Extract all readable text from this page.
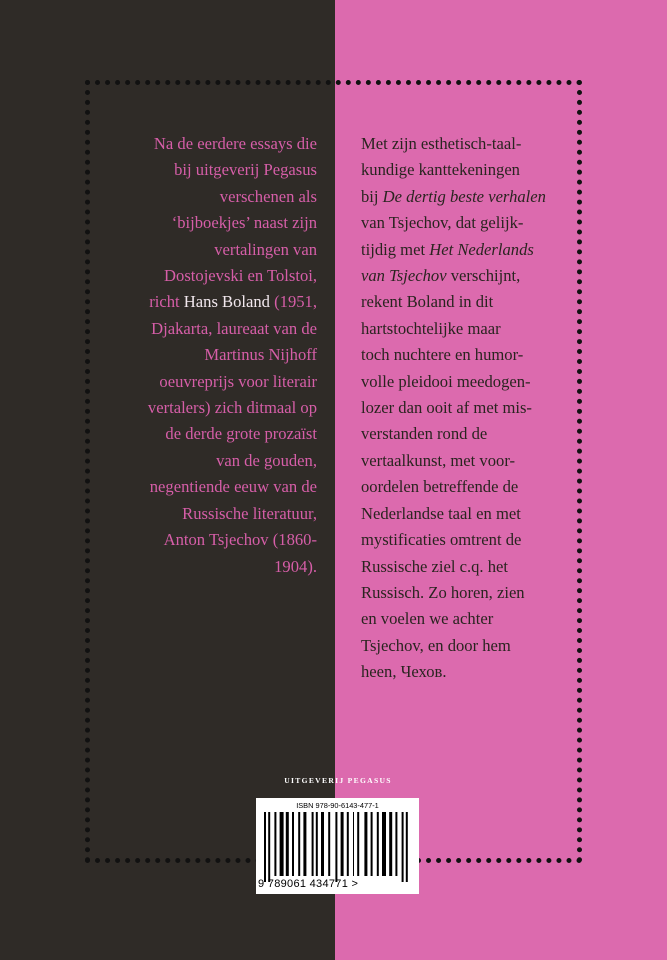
Na de eerdere essays die

bij uitgeverij Pegasus

verschenen als

‘bijboekjes’ naast zijn

vertalingen van

Dostojevski en Tolstoi,

richt Hans Boland (1951,

Djakarta, laureaat van de

Martinus Nijhoff

oeuvreprijs voor literair

vertalers) zich ditmaal op

de derde grote prozaïst

van de gouden,

negentiende eeuw van de

Russische literatuur,

Anton Tsjechov (1860-

1904).

Met zijn esthetisch-taal-

kundige kanttekeningen

bij De dertig beste verhalen

van Tsjechov, dat gelijk-

tijdig met Het Nederlands

van Tsjechov verschijnt,

rekent Boland in dit

hartstochtelijke maar

toch nuchtere en humor-

volle pleidooi meedogen-

lozer dan ooit af met mis-

verstanden rond de

vertaalkunst, met voor-

oordelen betreffende de

Nederlandse taal en met

mystificaties omtrent de

Russische ziel c.q. het

Russisch. Zo horen, zien

en voelen we achter

Tsjechov, en door hem

heen, Чехов.

UITGEVERIJ PEGASUS
ISBN 978-90-6143-477-1
9 789061 434771 >
